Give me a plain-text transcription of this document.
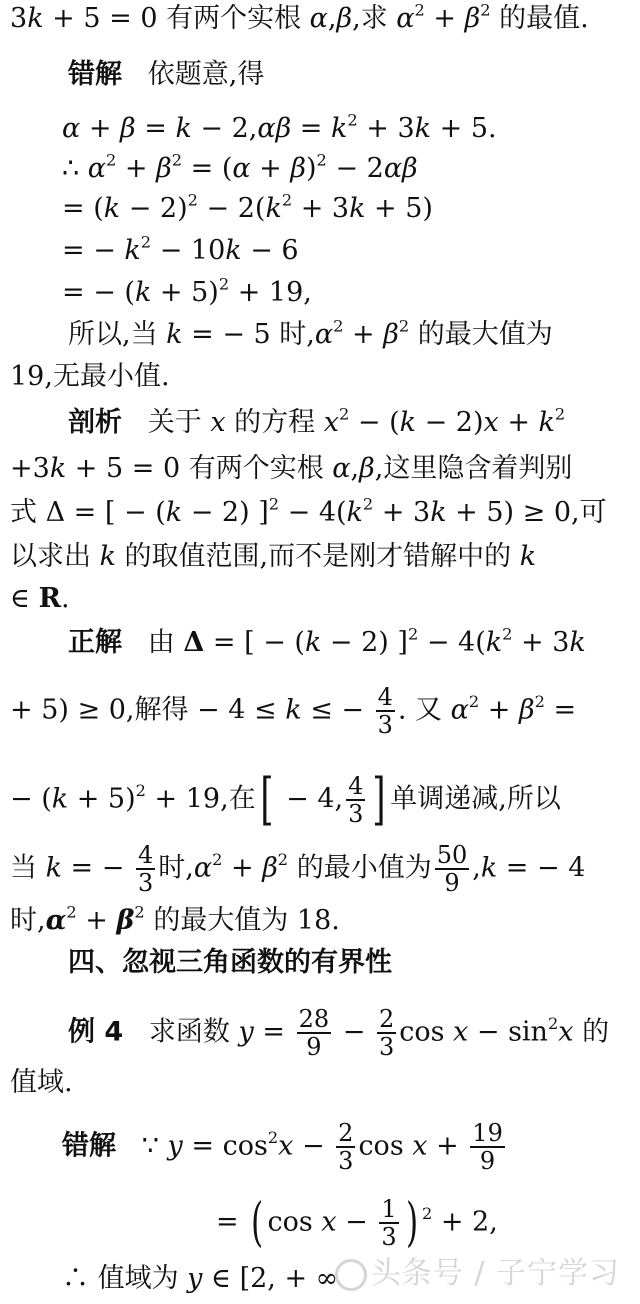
3k + 5 = 0 有两个实根 α,β,求 $\alpha^2 + \beta^2$ 的最值.
错解   依题意,得
$\alpha + \beta = k - 2,\alpha\beta = k^2 + 3k + 5$.
∴ $\alpha^2 + \beta^2 = (\alpha + \beta)^2 - 2\alpha\beta$
= $(k - 2)^2 - 2(k^2 + 3k + 5)$
= − $k^2 - 10k - 6$
= − $(k + 5)^2 + 19$,
所以,当 k = − 5 时$,\alpha^2 + \beta^2$ 的最大值为
19,无最小值.
剖析   关于 x 的方程 $x^2 - (k - 2)x + k^2$
+3k + 5 = 0 有两个实根 α,β,这里隐含着判别
式 Δ = [ − (k − 2) ]$^2 - 4(k^2 + 3k + 5) \ge 0$,可
以求出 k 的取值范围,而不是刚才错解中的 k
∈ R.
正解   由 Δ = [ − (k − 2) ]$^2 - 4(k^2 + 3k$
+ 5) ≥ 0,解得 − 4 ≤ k ≤ − $\frac{4}{3}$ . 又 $\alpha^2 + \beta^2$ =
− $(k + 5)^2 + 19$,在[ − 4, $\frac{4}{3}$ ] 单调递减,所以
当 k = − $\frac{4}{3}$ 时$,\alpha^2 + \beta^2$ 的最小值为 $\frac{50}{9} ,k$ = − 4
时$,\alpha^2 + \beta^2$ 的最大值为 18.
四、忽视三角函数的有界性
例 4   求函数 $y = \frac{28}{9} - \frac{2}{3}$ $\cos x - \sin^2x$ 的
值域.
错解   ∵ $y = \cos^2x - \frac{2}{3}$ $\cos x + \frac{19}{9}$
= ( $\cos x - \frac{1}{3}$ ) $^2$ + 2,
∴ 值域为 y ∈ [2, + ∞	头条号 / 子宁学习
